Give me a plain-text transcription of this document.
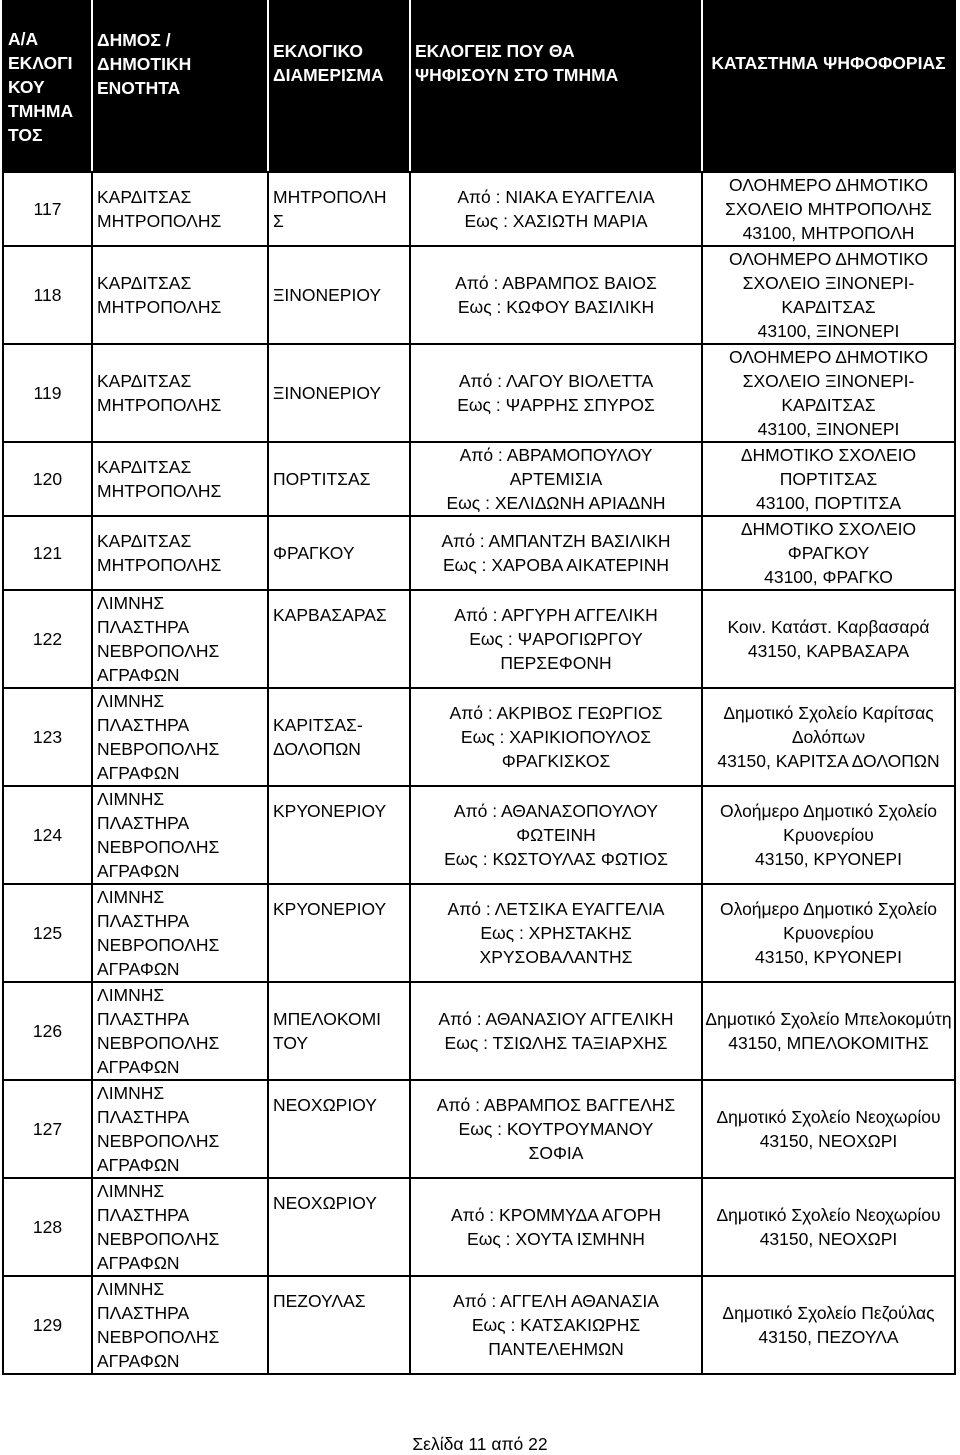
Α/Α
ΕΚΛΟΓΙ
ΚΟΥ
ΤΜΗΜΑ
ΤΟΣ	ΔΗΜΟΣ /
ΔΗΜΟΤΙΚΗ
ΕΝΟΤΗΤΑ	ΕΚΛΟΓΙΚΟ
ΔΙΑΜΕΡΙΣΜΑ	ΕΚΛΟΓΕΙΣ ΠΟΥ ΘΑ
ΨΗΦΙΣΟΥΝ ΣΤΟ ΤΜΗΜΑ	ΚΑΤΑΣΤΗΜΑ ΨΗΦΟΦΟΡΙΑΣ

117	ΚΑΡΔΙΤΣΑΣ
ΜΗΤΡΟΠΟΛΗΣ	ΜΗΤΡΟΠΟΛΗ
Σ	Από : ΝΙΑΚΑ ΕΥΑΓΓΕΛΙΑ
Εως : ΧΑΣΙΩΤΗ ΜΑΡΙΑ	ΟΛΟΗΜΕΡΟ ΔΗΜΟΤΙΚΟ
ΣΧΟΛΕΙΟ ΜΗΤΡΟΠΟΛΗΣ
43100, ΜΗΤΡΟΠΟΛΗ

118	ΚΑΡΔΙΤΣΑΣ
ΜΗΤΡΟΠΟΛΗΣ	ΞΙΝΟΝΕΡΙΟΥ	Από : ΑΒΡΑΜΠΟΣ ΒΑΙΟΣ
Εως : ΚΩΦΟΥ ΒΑΣΙΛΙΚΗ	ΟΛΟΗΜΕΡΟ ΔΗΜΟΤΙΚΟ
ΣΧΟΛΕΙΟ ΞΙΝΟΝΕΡΙ-
ΚΑΡΔΙΤΣΑΣ
43100, ΞΙΝΟΝΕΡΙ

119	ΚΑΡΔΙΤΣΑΣ
ΜΗΤΡΟΠΟΛΗΣ	ΞΙΝΟΝΕΡΙΟΥ	Από : ΛΑΓΟΥ ΒΙΟΛΕΤΤΑ
Εως : ΨΑΡΡΗΣ ΣΠΥΡΟΣ	ΟΛΟΗΜΕΡΟ ΔΗΜΟΤΙΚΟ
ΣΧΟΛΕΙΟ ΞΙΝΟΝΕΡΙ-
ΚΑΡΔΙΤΣΑΣ
43100, ΞΙΝΟΝΕΡΙ

120	ΚΑΡΔΙΤΣΑΣ
ΜΗΤΡΟΠΟΛΗΣ	ΠΟΡΤΙΤΣΑΣ	Από : ΑΒΡΑΜΟΠΟΥΛΟΥ
ΑΡΤΕΜΙΣΙΑ
Εως : ΧΕΛΙΔΩΝΗ ΑΡΙΑΔΝΗ	ΔΗΜΟΤΙΚΟ ΣΧΟΛΕΙΟ
ΠΟΡΤΙΤΣΑΣ
43100, ΠΟΡΤΙΤΣΑ

121	ΚΑΡΔΙΤΣΑΣ
ΜΗΤΡΟΠΟΛΗΣ	ΦΡΑΓΚΟΥ	Από : ΑΜΠΑΝΤΖΗ ΒΑΣΙΛΙΚΗ
Εως : ΧΑΡΟΒΑ ΑΙΚΑΤΕΡΙΝΗ	ΔΗΜΟΤΙΚΟ ΣΧΟΛΕΙΟ
ΦΡΑΓΚΟΥ
43100, ΦΡΑΓΚΟ

122	ΛΙΜΝΗΣ
ΠΛΑΣΤΗΡΑ
ΝΕΒΡΟΠΟΛΗΣ
ΑΓΡΑΦΩΝ	ΚΑΡΒΑΣΑΡΑΣ	Από : ΑΡΓΥΡΗ ΑΓΓΕΛΙΚΗ
Εως : ΨΑΡΟΓΙΩΡΓΟΥ
ΠΕΡΣΕΦΟΝΗ	Κοιν. Κατάστ. Καρβασαρά
43150, ΚΑΡΒΑΣΑΡΑ

123	ΛΙΜΝΗΣ
ΠΛΑΣΤΗΡΑ
ΝΕΒΡΟΠΟΛΗΣ
ΑΓΡΑΦΩΝ	ΚΑΡΙΤΣΑΣ-
ΔΟΛΟΠΩΝ	Από : ΑΚΡΙΒΟΣ ΓΕΩΡΓΙΟΣ
Εως : ΧΑΡΙΚΙΟΠΟΥΛΟΣ
ΦΡΑΓΚΙΣΚΟΣ	Δημοτικό Σχολείο Καρίτσας
Δολόπων
43150, ΚΑΡΙΤΣΑ ΔΟΛΟΠΩΝ

124	ΛΙΜΝΗΣ
ΠΛΑΣΤΗΡΑ
ΝΕΒΡΟΠΟΛΗΣ
ΑΓΡΑΦΩΝ	ΚΡΥΟΝΕΡΙΟΥ	Από : ΑΘΑΝΑΣΟΠΟΥΛΟΥ
ΦΩΤΕΙΝΗ
Εως : ΚΩΣΤΟΥΛΑΣ ΦΩΤΙΟΣ	Ολοήμερο Δημοτικό Σχολείο
Κρυονερίου
43150, ΚΡΥΟΝΕΡΙ

125	ΛΙΜΝΗΣ
ΠΛΑΣΤΗΡΑ
ΝΕΒΡΟΠΟΛΗΣ
ΑΓΡΑΦΩΝ	ΚΡΥΟΝΕΡΙΟΥ	Από : ΛΕΤΣΙΚΑ ΕΥΑΓΓΕΛΙΑ
Εως : ΧΡΗΣΤΑΚΗΣ
ΧΡΥΣΟΒΑΛΑΝΤΗΣ	Ολοήμερο Δημοτικό Σχολείο
Κρυονερίου
43150, ΚΡΥΟΝΕΡΙ

126	ΛΙΜΝΗΣ
ΠΛΑΣΤΗΡΑ
ΝΕΒΡΟΠΟΛΗΣ
ΑΓΡΑΦΩΝ	ΜΠΕΛΟΚΟΜΙ
ΤΟΥ	Από : ΑΘΑΝΑΣΙΟΥ ΑΓΓΕΛΙΚΗ
Εως : ΤΣΙΩΛΗΣ ΤΑΞΙΑΡΧΗΣ	Δημοτικό Σχολείο Μπελοκομύτη
43150, ΜΠΕΛΟΚΟΜΙΤΗΣ

127	ΛΙΜΝΗΣ
ΠΛΑΣΤΗΡΑ
ΝΕΒΡΟΠΟΛΗΣ
ΑΓΡΑΦΩΝ	ΝΕΟΧΩΡΙΟΥ	Από : ΑΒΡΑΜΠΟΣ ΒΑΓΓΕΛΗΣ
Εως : ΚΟΥΤΡΟΥΜΑΝΟΥ
ΣΟΦΙΑ	Δημοτικό Σχολείο Νεοχωρίου
43150, ΝΕΟΧΩΡΙ

128	ΛΙΜΝΗΣ
ΠΛΑΣΤΗΡΑ
ΝΕΒΡΟΠΟΛΗΣ
ΑΓΡΑΦΩΝ	ΝΕΟΧΩΡΙΟΥ	Από : ΚΡΟΜΜΥΔΑ ΑΓΟΡΗ
Εως : ΧΟΥΤΑ ΙΣΜΗΝΗ	Δημοτικό Σχολείο Νεοχωρίου
43150, ΝΕΟΧΩΡΙ

129	ΛΙΜΝΗΣ
ΠΛΑΣΤΗΡΑ
ΝΕΒΡΟΠΟΛΗΣ
ΑΓΡΑΦΩΝ	ΠΕΖΟΥΛΑΣ	Από : ΑΓΓΕΛΗ ΑΘΑΝΑΣΙΑ
Εως : ΚΑΤΣΑΚΙΩΡΗΣ
ΠΑΝΤΕΛΕΗΜΩΝ	Δημοτικό Σχολείο Πεζούλας
43150, ΠΕΖΟΥΛΑ
Σελίδα 11 από 22
